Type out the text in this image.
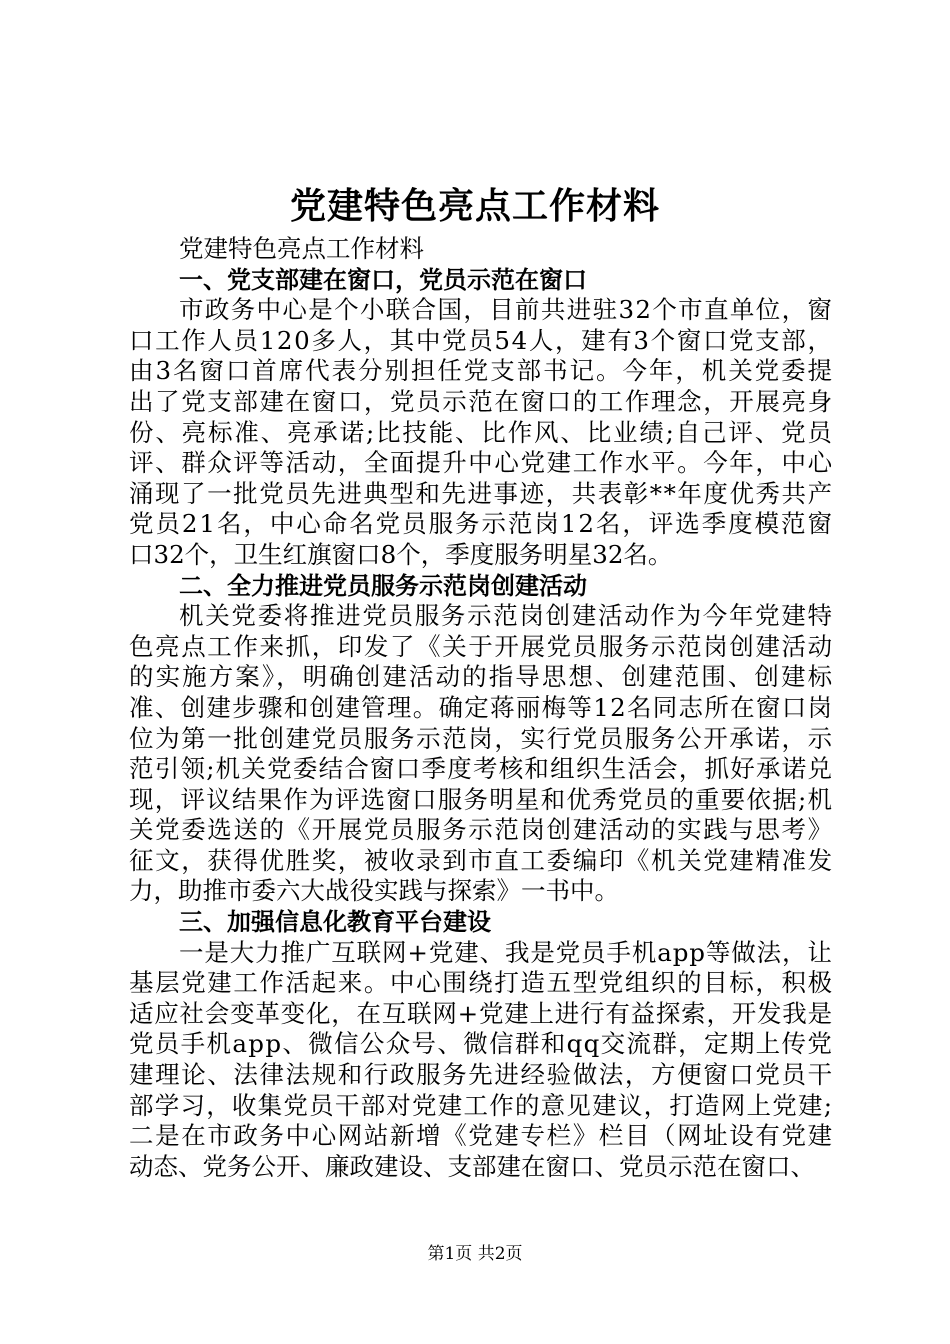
党建特色亮点工作材料

党建特色亮点工作材料

一、党支部建在窗口，党员示范在窗口

市政务中心是个小联合国，目前共进驻32个市直单位，窗

口工作人员120多人，其中党员54人，建有3个窗口党支部，

由3名窗口首席代表分别担任党支部书记。今年，机关党委提

出了党支部建在窗口，党员示范在窗口的工作理念，开展亮身

份、亮标准、亮承诺;比技能、比作风、比业绩;自己评、党员

评、群众评等活动，全面提升中心党建工作水平。今年，中心

涌现了一批党员先进典型和先进事迹，共表彰**年度优秀共产

党员21名，中心命名党员服务示范岗12名，评选季度模范窗

口32个，卫生红旗窗口8个，季度服务明星32名。

二、全力推进党员服务示范岗创建活动

机关党委将推进党员服务示范岗创建活动作为今年党建特

色亮点工作来抓，印发了《关于开展党员服务示范岗创建活动

的实施方案》，明确创建活动的指导思想、创建范围、创建标

准、创建步骤和创建管理。确定蒋丽梅等12名同志所在窗口岗

位为第一批创建党员服务示范岗，实行党员服务公开承诺，示

范引领;机关党委结合窗口季度考核和组织生活会，抓好承诺兑

现，评议结果作为评选窗口服务明星和优秀党员的重要依据;机

关党委选送的《开展党员服务示范岗创建活动的实践与思考》

征文，获得优胜奖，被收录到市直工委编印《机关党建精准发

力，助推市委六大战役实践与探索》一书中。

三、加强信息化教育平台建设

一是大力推广互联网+党建、我是党员手机app等做法，让

基层党建工作活起来。中心围绕打造五型党组织的目标，积极

适应社会变革变化，在互联网+党建上进行有益探索，开发我是

党员手机app、微信公众号、微信群和qq交流群，定期上传党

建理论、法律法规和行政服务先进经验做法，方便窗口党员干

部学习，收集党员干部对党建工作的意见建议，打造网上党建;

二是在市政务中心网站新增《党建专栏》栏目（网址设有党建

动态、党务公开、廉政建设、支部建在窗口、党员示范在窗口、

第1页 共2页
